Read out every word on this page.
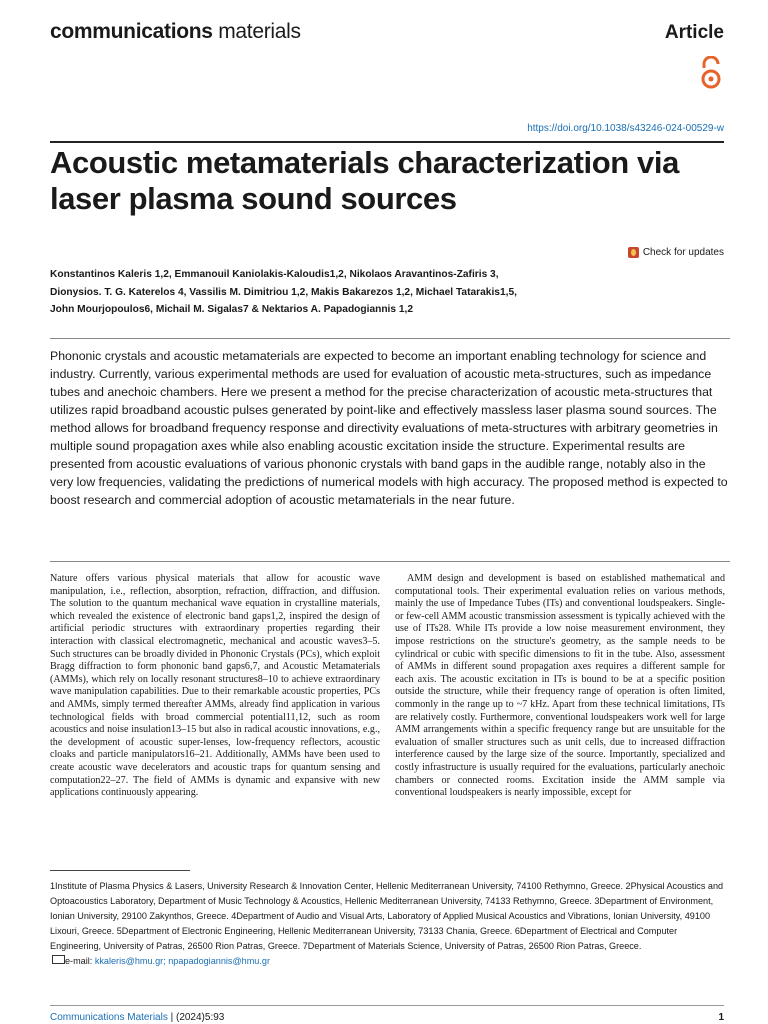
communications materials	Article
https://doi.org/10.1038/s43246-024-00529-w
Acoustic metamaterials characterization via laser plasma sound sources
Check for updates
Konstantinos Kaleris 1,2, Emmanouil Kaniolakis-Kaloudis1,2, Nikolaos Aravantinos-Zafiris 3,
Dionysios. T. G. Katerelos 4, Vassilis M. Dimitriou 1,2, Makis Bakarezos 1,2, Michael Tatarakis1,5,
John Mourjopoulos6, Michail M. Sigalas7 & Nektarios A. Papadogiannis 1,2

Phononic crystals and acoustic metamaterials are expected to become an important enabling technology for science and industry. Currently, various experimental methods are used for evaluation of acoustic meta-structures, such as impedance tubes and anechoic chambers. Here we present a method for the precise characterization of acoustic meta-structures that utilizes rapid broadband acoustic pulses generated by point-like and effectively massless laser plasma sound sources. The method allows for broadband frequency response and directivity evaluations of meta-structures with arbitrary geometries in multiple sound propagation axes while also enabling acoustic excitation inside the structure. Experimental results are presented from acoustic evaluations of various phononic crystals with band gaps in the audible range, notably also in the very low frequencies, validating the predictions of numerical models with high accuracy. The proposed method is expected to boost research and commercial adoption of acoustic metamaterials in the near future.

Nature offers various physical materials that allow for acoustic wave manipulation, i.e., reflection, absorption, refraction, diffraction, and diffusion. The solution to the quantum mechanical wave equation in crystalline materials, which revealed the existence of electronic band gaps1,2, inspired the design of artificial periodic structures with extraordinary properties regarding their interaction with classical electromagnetic, mechanical and acoustic waves3–5. Such structures can be broadly divided in Phononic Crystals (PCs), which exploit Bragg diffraction to form phononic band gaps6,7, and Acoustic Metamaterials (AMMs), which rely on locally resonant structures8–10 to achieve extraordinary wave manipulation capabilities. Due to their remarkable acoustic properties, PCs and AMMs, simply termed thereafter AMMs, already find application in various technological fields with broad commercial potential11,12, such as room acoustics and noise insulation13–15 but also in radical acoustic innovations, e.g., the development of acoustic super-lenses, low-frequency reflectors, acoustic cloaks and particle manipulators16–21. Additionally, AMMs have been used to create acoustic wave decelerators and acoustic traps for quantum sensing and computation22–27. The field of AMMs is dynamic and expansive with new applications continuously appearing.

AMM design and development is based on established mathematical and computational tools. Their experimental evaluation relies on various methods, mainly the use of Impedance Tubes (ITs) and conventional loudspeakers. Single- or few-cell AMM acoustic transmission assessment is typically achieved with the use of ITs28. While ITs provide a low noise measurement environment, they impose restrictions on the structure's geometry, as the sample needs to be cylindrical or cubic with specific dimensions to fit in the tube. Also, assessment of AMMs in different sound propagation axes requires a different sample for each axis. The acoustic excitation in ITs is bound to be at a specific position outside the structure, while their frequency range of operation is often limited, commonly in the range up to ~7 kHz. Apart from these technical limitations, ITs are relatively costly. Furthermore, conventional loudspeakers work well for large AMM arrangements within a specific frequency range but are unsuitable for the evaluation of smaller structures such as unit cells, due to increased diffraction interference caused by the large size of the source. Importantly, specialized and costly infrastructure is usually required for the evaluations, particularly anechoic chambers or connected rooms. Excitation inside the AMM sample via conventional loudspeakers is nearly impossible, except for

1Institute of Plasma Physics & Lasers, University Research & Innovation Center, Hellenic Mediterranean University, 74100 Rethymno, Greece. 2Physical Acoustics and Optoacoustics Laboratory, Department of Music Technology & Acoustics, Hellenic Mediterranean University, 74133 Rethymno, Greece. 3Department of Environment, Ionian University, 29100 Zakynthos, Greece. 4Department of Audio and Visual Arts, Laboratory of Applied Musical Acoustics and Vibrations, Ionian University, 49100 Lixouri, Greece. 5Department of Electronic Engineering, Hellenic Mediterranean University, 73133 Chania, Greece. 6Department of Electrical and Computer Engineering, University of Patras, 26500 Rion Patras, Greece. 7Department of Materials Science, University of Patras, 26500 Rion Patras, Greece.
e-mail: kkaleris@hmu.gr; npapadogiannis@hmu.gr
Communications Materials | (2024)5:93	1
